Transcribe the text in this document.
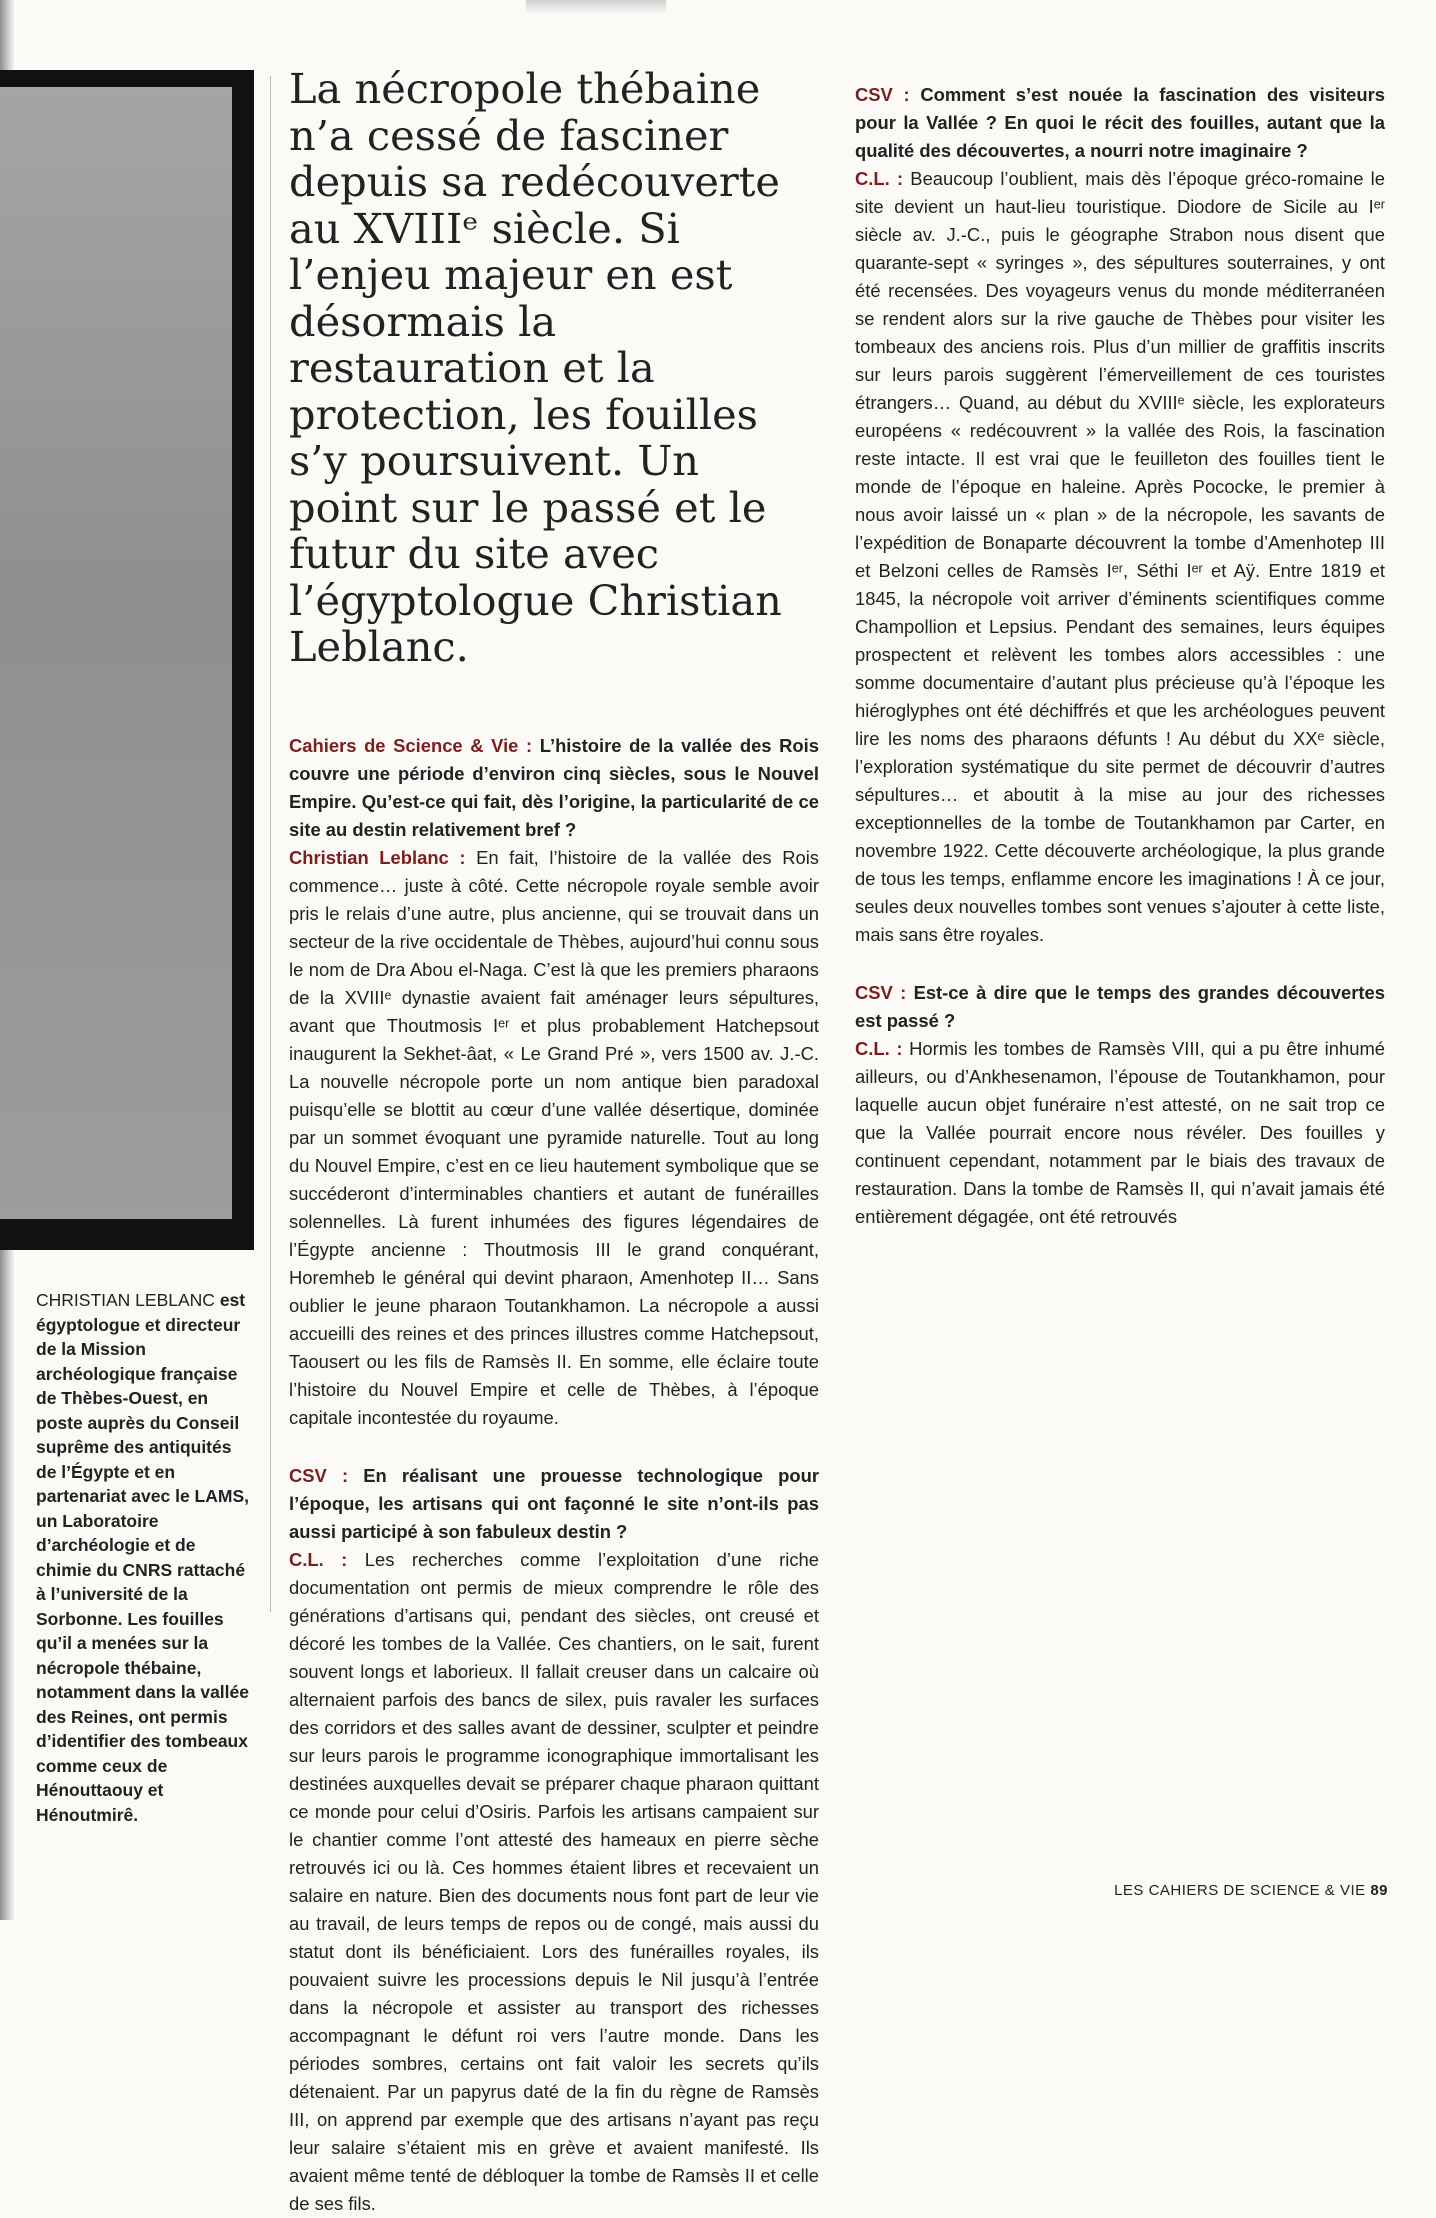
CHRISTIAN LEBLANC est égyptologue et directeur de la Mission archéologique française de Thèbes-Ouest, en poste auprès du Conseil suprême des antiquités de l’Égypte et en partenariat avec le LAMS, un Laboratoire d’archéologie et de chimie du CNRS rattaché à l’université de la Sorbonne. Les fouilles qu’il a menées sur la nécropole thébaine, notamment dans la vallée des Reines, ont permis d’identifier des tombeaux comme ceux de Hénouttaouy et Hénoutmirê.
La nécropole thébaine n’a cessé de fasciner depuis sa redécouverte au XVIIIᵉ siècle. Si l’enjeu majeur en est désormais la restauration et la protection, les fouilles s’y poursuivent. Un point sur le passé et le futur du site avec l’égyptologue Christian Leblanc.

Cahiers de Science & Vie : L’histoire de la vallée des Rois couvre une période d’environ cinq siècles, sous le Nouvel Empire. Qu’est-ce qui fait, dès l’origine, la particularité de ce site au destin relativement bref ?

Christian Leblanc : En fait, l’histoire de la vallée des Rois commence… juste à côté. Cette nécropole royale semble avoir pris le relais d’une autre, plus ancienne, qui se trouvait dans un secteur de la rive occidentale de Thèbes, aujourd’hui connu sous le nom de Dra Abou el-Naga. C’est là que les premiers pharaons de la XVIIIᵉ dynastie avaient fait aménager leurs sépultures, avant que Thoutmosis Iᵉʳ et plus probablement Hatchepsout inaugurent la Sekhet-âat, « Le Grand Pré », vers 1500 av. J.-C. La nouvelle nécropole porte un nom antique bien paradoxal puisqu’elle se blottit au cœur d’une vallée désertique, dominée par un sommet évoquant une pyramide naturelle. Tout au long du Nouvel Empire, c’est en ce lieu hautement symbolique que se succéderont d’interminables chantiers et autant de funérailles solennelles. Là furent inhumées des figures légendaires de l’Égypte ancienne : Thoutmosis III le grand conquérant, Horemheb le général qui devint pharaon, Amenhotep II… Sans oublier le jeune pharaon Toutankhamon. La nécropole a aussi accueilli des reines et des princes illustres comme Hatchepsout, Taousert ou les fils de Ramsès II. En somme, elle éclaire toute l’histoire du Nouvel Empire et celle de Thèbes, à l’époque capitale incontestée du royaume.

CSV : En réalisant une prouesse technologique pour l’époque, les artisans qui ont façonné le site n’ont-ils pas aussi participé à son fabuleux destin ?

C.L. : Les recherches comme l’exploitation d’une riche documentation ont permis de mieux comprendre le rôle des générations d’artisans qui, pendant des siècles, ont creusé et décoré les tombes de la Vallée. Ces chantiers, on le sait, furent souvent longs et laborieux. Il fallait creuser dans un calcaire où alternaient parfois des bancs de silex, puis ravaler les surfaces des corridors et des salles avant de dessiner, sculpter et peindre sur leurs parois le programme iconographique immortalisant les destinées auxquelles devait se préparer chaque pharaon quittant ce monde pour celui d’Osiris. Parfois les artisans campaient sur le chantier comme l’ont attesté des hameaux en pierre sèche retrouvés ici ou là. Ces hommes étaient libres et recevaient un salaire en nature. Bien des documents nous font part de leur vie au travail, de leurs temps de repos ou de congé, mais aussi du statut dont ils bénéficiaient. Lors des funérailles royales, ils pouvaient suivre les processions depuis le Nil jusqu’à l’entrée dans la nécropole et assister au transport des richesses accompagnant le défunt roi vers l’autre monde. Dans les périodes sombres, certains ont fait valoir les secrets qu’ils détenaient. Par un papyrus daté de la fin du règne de Ramsès III, on apprend par exemple que des artisans n’ayant pas reçu leur salaire s’étaient mis en grève et avaient manifesté. Ils avaient même tenté de débloquer la tombe de Ramsès II et celle de ses fils.

CSV : Comment s’est nouée la fascination des visiteurs pour la Vallée ? En quoi le récit des fouilles, autant que la qualité des découvertes, a nourri notre imaginaire ?

C.L. : Beaucoup l’oublient, mais dès l’époque gréco-romaine le site devient un haut-lieu touristique. Diodore de Sicile au Iᵉʳ siècle av. J.-C., puis le géographe Strabon nous disent que quarante-sept « syringes », des sépultures souterraines, y ont été recensées. Des voyageurs venus du monde méditerranéen se rendent alors sur la rive gauche de Thèbes pour visiter les tombeaux des anciens rois. Plus d’un millier de graffitis inscrits sur leurs parois suggèrent l’émerveillement de ces touristes étrangers… Quand, au début du XVIIIᵉ siècle, les explorateurs européens « redécouvrent » la vallée des Rois, la fascination reste intacte. Il est vrai que le feuilleton des fouilles tient le monde de l’époque en haleine. Après Pococke, le premier à nous avoir laissé un « plan » de la nécropole, les savants de l’expédition de Bonaparte découvrent la tombe d’Amenhotep III et Belzoni celles de Ramsès Iᵉʳ, Séthi Iᵉʳ et Aÿ. Entre 1819 et 1845, la nécropole voit arriver d’éminents scientifiques comme Champollion et Lepsius. Pendant des semaines, leurs équipes prospectent et relèvent les tombes alors accessibles : une somme documentaire d’autant plus précieuse qu’à l’époque les hiéroglyphes ont été déchiffrés et que les archéologues peuvent lire les noms des pharaons défunts ! Au début du XXᵉ siècle, l’exploration systématique du site permet de découvrir d’autres sépultures… et aboutit à la mise au jour des richesses exceptionnelles de la tombe de Toutankhamon par Carter, en novembre 1922. Cette découverte archéologique, la plus grande de tous les temps, enflamme encore les imaginations ! À ce jour, seules deux nouvelles tombes sont venues s’ajouter à cette liste, mais sans être royales.

CSV : Est-ce à dire que le temps des grandes découvertes est passé ?

C.L. : Hormis les tombes de Ramsès VIII, qui a pu être inhumé ailleurs, ou d’Ankhesenamon, l’épouse de Toutankhamon, pour laquelle aucun objet funéraire n’est attesté, on ne sait trop ce que la Vallée pourrait encore nous révéler. Des fouilles y continuent cependant, notamment par le biais des travaux de restauration. Dans la tombe de Ramsès II, qui n’avait jamais été entièrement dégagée, ont été retrouvés

LES CAHIERS DE SCIENCE & VIE 89
